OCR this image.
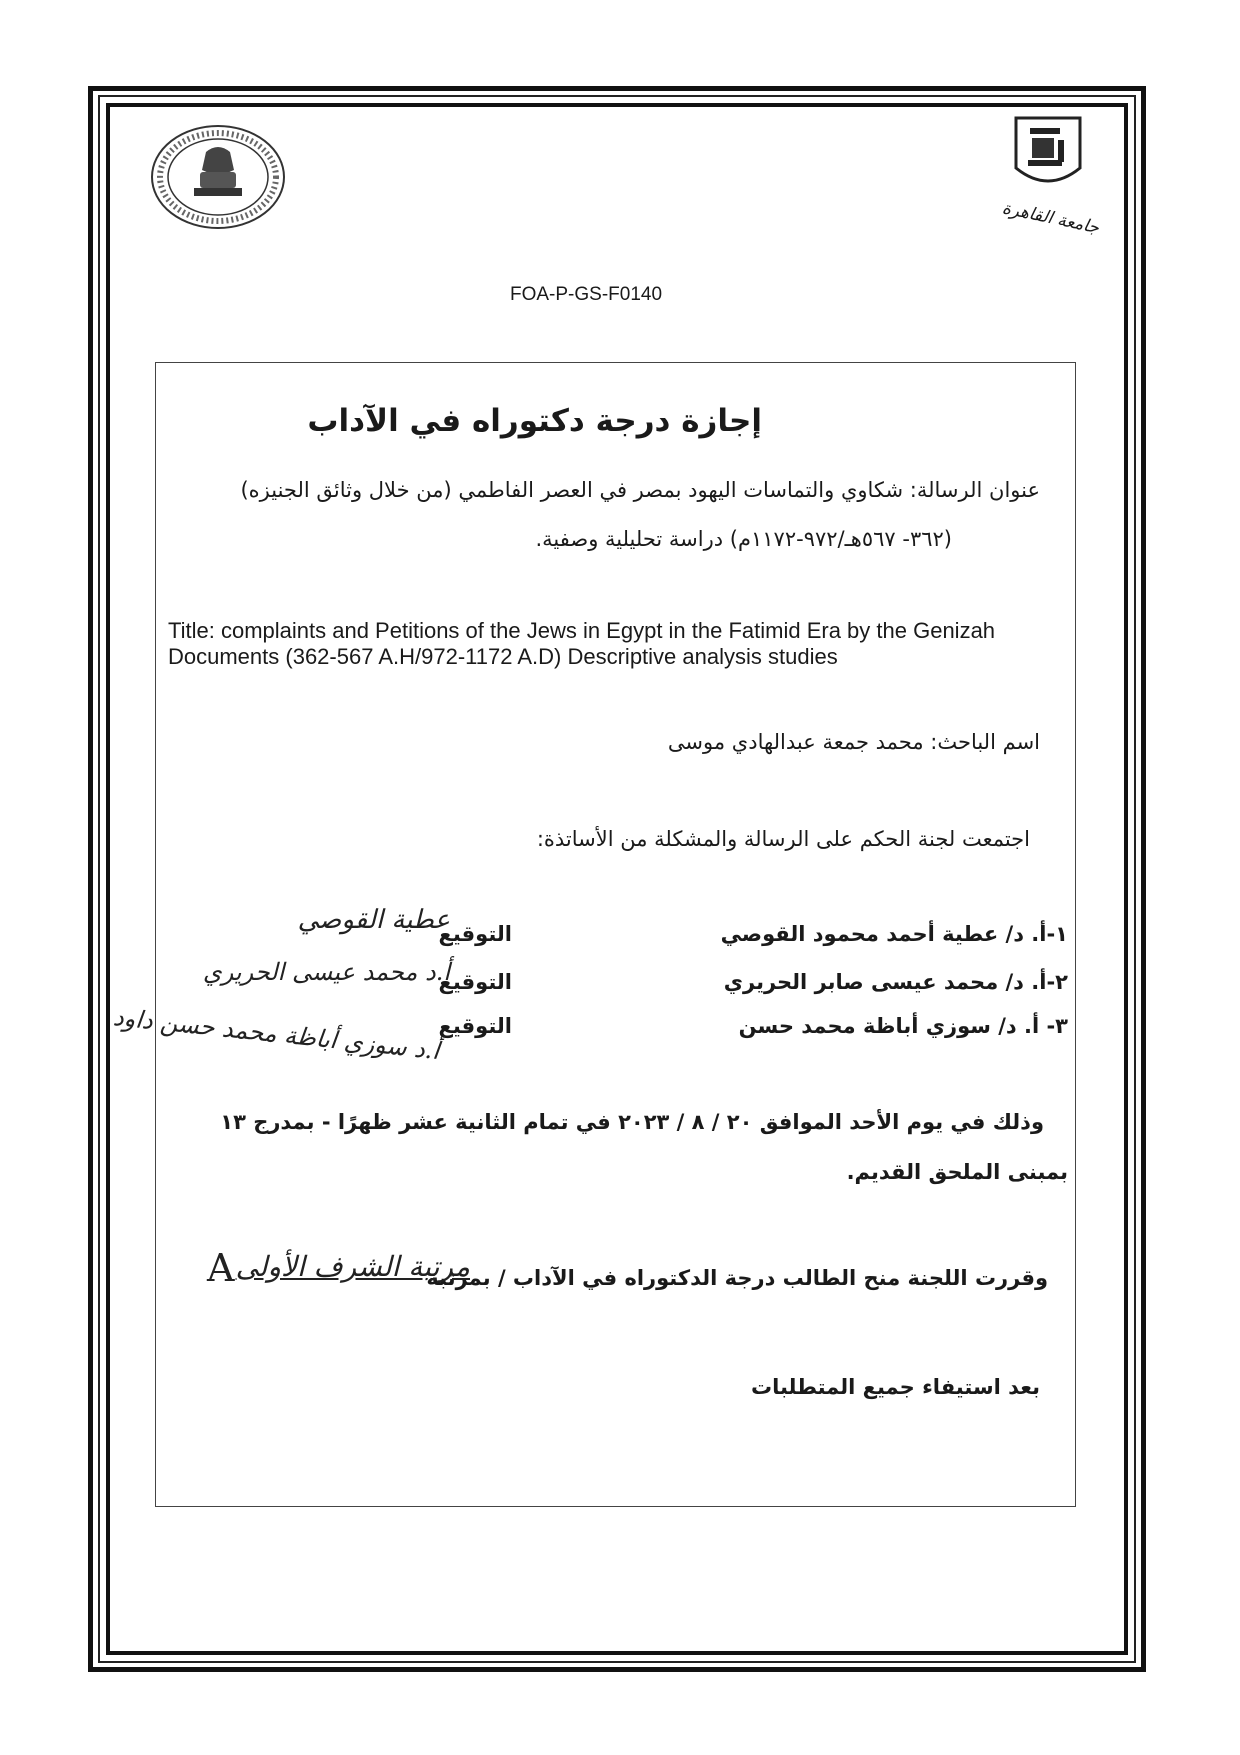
جامعة القاهرة
FOA-P-GS-F0140
إجازة درجة دكتوراه في الآداب
عنوان الرسالة: شكاوي والتماسات اليهود بمصر في العصر الفاطمي (من خلال وثائق الجنيزه)
(٣٦٢- ٥٦٧هـ/٩٧٢-١١٧٢م) دراسة تحليلية وصفية.
Title: complaints and Petitions of the Jews in Egypt in the Fatimid Era by the Genizah Documents (362-567 A.H/972-1172 A.D) Descriptive analysis studies
اسم الباحث: محمد جمعة عبدالهادي موسى
اجتمعت لجنة الحكم على الرسالة والمشكلة من الأساتذة:
١-أ. د/ عطية أحمد محمود القوصي
التوقيع
عطية القوصي
٢-أ. د/ محمد عيسى صابر الحريري
التوقيع
أ.د محمد عيسى الحريري
٣- أ. د/ سوزي أباظة محمد حسن
التوقيع
أ.د سوزي أباظة محمد حسن داود
وذلك في يوم الأحد الموافق ٢٠ / ٨ / ٢٠٢٣ في تمام الثانية عشر ظهرًا - بمدرج ١٣
بمبنى الملحق القديم.
وقررت اللجنة منح الطالب درجة الدكتوراه في الآداب / بمرتبة
مرتبة الشرف الأولى
A
بعد استيفاء جميع المتطلبات
